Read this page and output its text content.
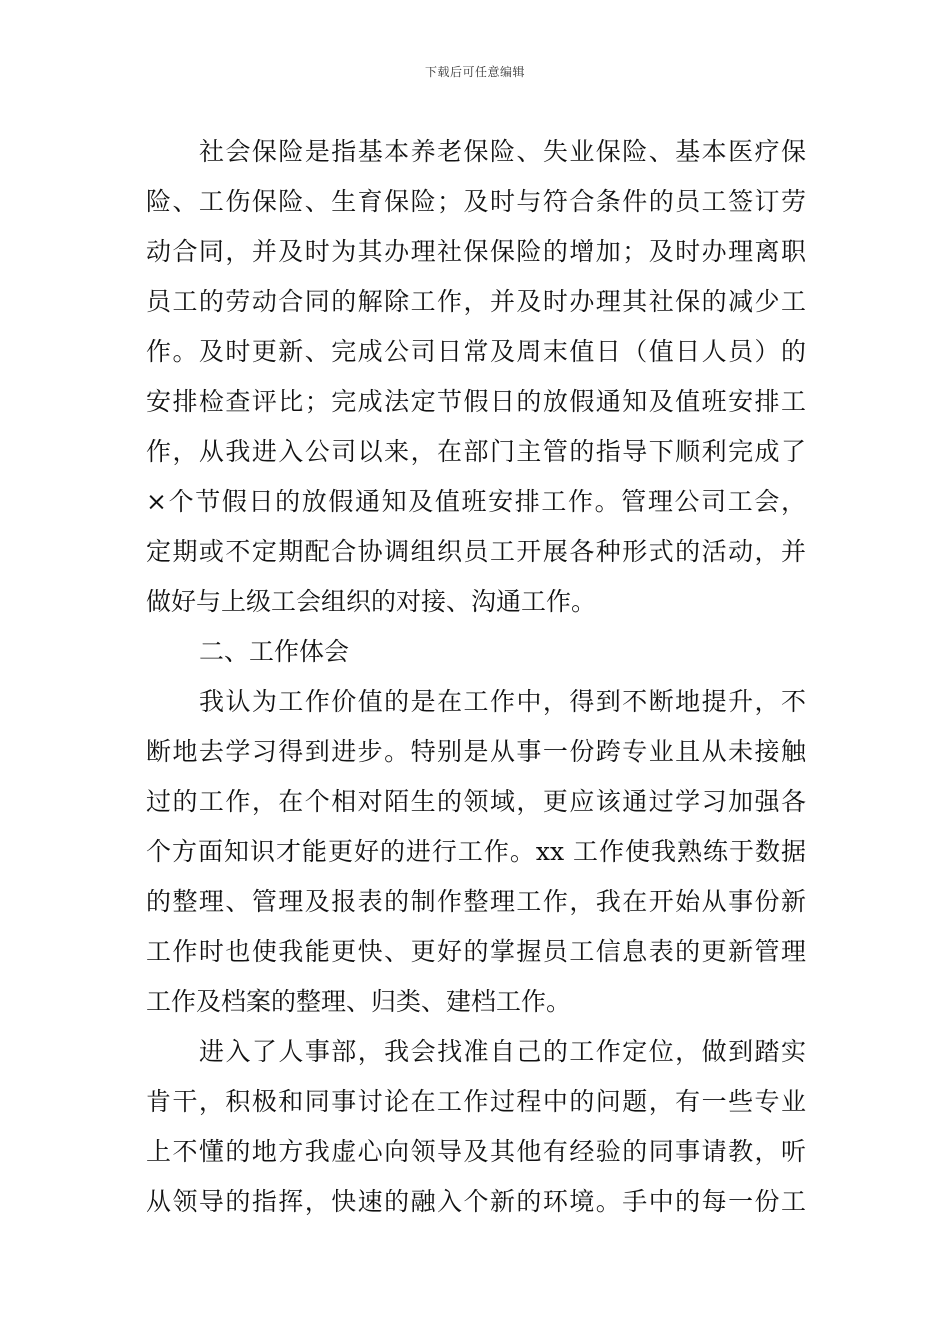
下载后可任意编辑
社会保险是指基本养老保险、失业保险、基本医疗保
险、工伤保险、生育保险；及时与符合条件的员工签订劳
动合同，并及时为其办理社保保险的增加；及时办理离职
员工的劳动合同的解除工作，并及时办理其社保的减少工
作。及时更新、完成公司日常及周末值日（值日人员）的
安排检查评比；完成法定节假日的放假通知及值班安排工
作，从我进入公司以来，在部门主管的指导下顺利完成了
×个节假日的放假通知及值班安排工作。管理公司工会，
定期或不定期配合协调组织员工开展各种形式的活动，并
做好与上级工会组织的对接、沟通工作。
二、工作体会
我认为工作价值的是在工作中，得到不断地提升，不
断地去学习得到进步。特别是从事一份跨专业且从未接触
过的工作，在个相对陌生的领域，更应该通过学习加强各
个方面知识才能更好的进行工作。xx 工作使我熟练于数据
的整理、管理及报表的制作整理工作，我在开始从事份新
工作时也使我能更快、更好的掌握员工信息表的更新管理
工作及档案的整理、归类、建档工作。
进入了人事部，我会找准自己的工作定位，做到踏实
肯干，积极和同事讨论在工作过程中的问题，有一些专业
上不懂的地方我虚心向领导及其他有经验的同事请教，听
从领导的指挥，快速的融入个新的环境。手中的每一份工
